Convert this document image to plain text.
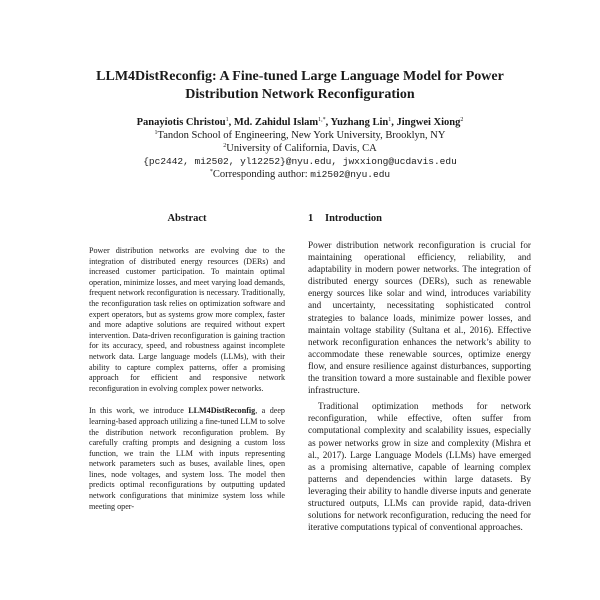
LLM4DistReconfig: A Fine-tuned Large Language Model for Power
Distribution Network Reconfiguration
Panayiotis Christou$^1$, Md. Zahidul Islam$^{1,*}$, Yuzhang Lin$^1$, Jingwei Xiong$^2$
$^1$Tandon School of Engineering, New York University, Brooklyn, NY
$^2$University of California, Davis, CA
{pc2442, mi2502, yl12252}@nyu.edu, jwxxiong@ucdavis.edu
*Corresponding author: mi2502@nyu.edu
Abstract

Power distribution networks are evolving due to the integration of distributed energy resources (DERs) and increased customer participation. To maintain optimal operation, minimize losses, and meet varying load demands, frequent network reconfiguration is necessary. Traditionally, the reconfiguration task relies on optimization software and expert operators, but as systems grow more complex, faster and more adaptive solutions are required without expert intervention. Data-driven reconfiguration is gaining traction for its accuracy, speed, and robustness against incomplete network data. Large language models (LLMs), with their ability to capture complex patterns, offer a promising approach for efficient and responsive network reconfiguration in evolving complex power networks.

In this work, we introduce LLM4DistReconfig, a deep learning-based approach utilizing a fine-tuned LLM to solve the distribution network reconfiguration problem. By carefully crafting prompts and designing a custom loss function, we train the LLM with inputs representing network parameters such as buses, available lines, open lines, node voltages, and system loss. The model then predicts optimal reconfigurations by outputting updated network configurations that minimize system loss while meeting oper-

1 Introduction

Power distribution network reconfiguration is crucial for maintaining operational efficiency, reliability, and adaptability in modern power networks. The integration of distributed energy sources (DERs), such as renewable energy sources like solar and wind, introduces variability and uncertainty, necessitating sophisticated control strategies to balance loads, minimize power losses, and maintain voltage stability (Sultana et al., 2016). Effective network reconfiguration enhances the network’s ability to accommodate these renewable sources, optimize energy flow, and ensure resilience against disturbances, supporting the transition toward a more sustainable and flexible power infrastructure.

Traditional optimization methods for network reconfiguration, while effective, often suffer from computational complexity and scalability issues, especially as power networks grow in size and complexity (Mishra et al., 2017). Large Language Models (LLMs) have emerged as a promising alternative, capable of learning complex patterns and dependencies within large datasets. By leveraging their ability to handle diverse inputs and generate structured outputs, LLMs can provide rapid, data-driven solutions for network reconfiguration, reducing the need for iterative computations typical of conventional approaches.
